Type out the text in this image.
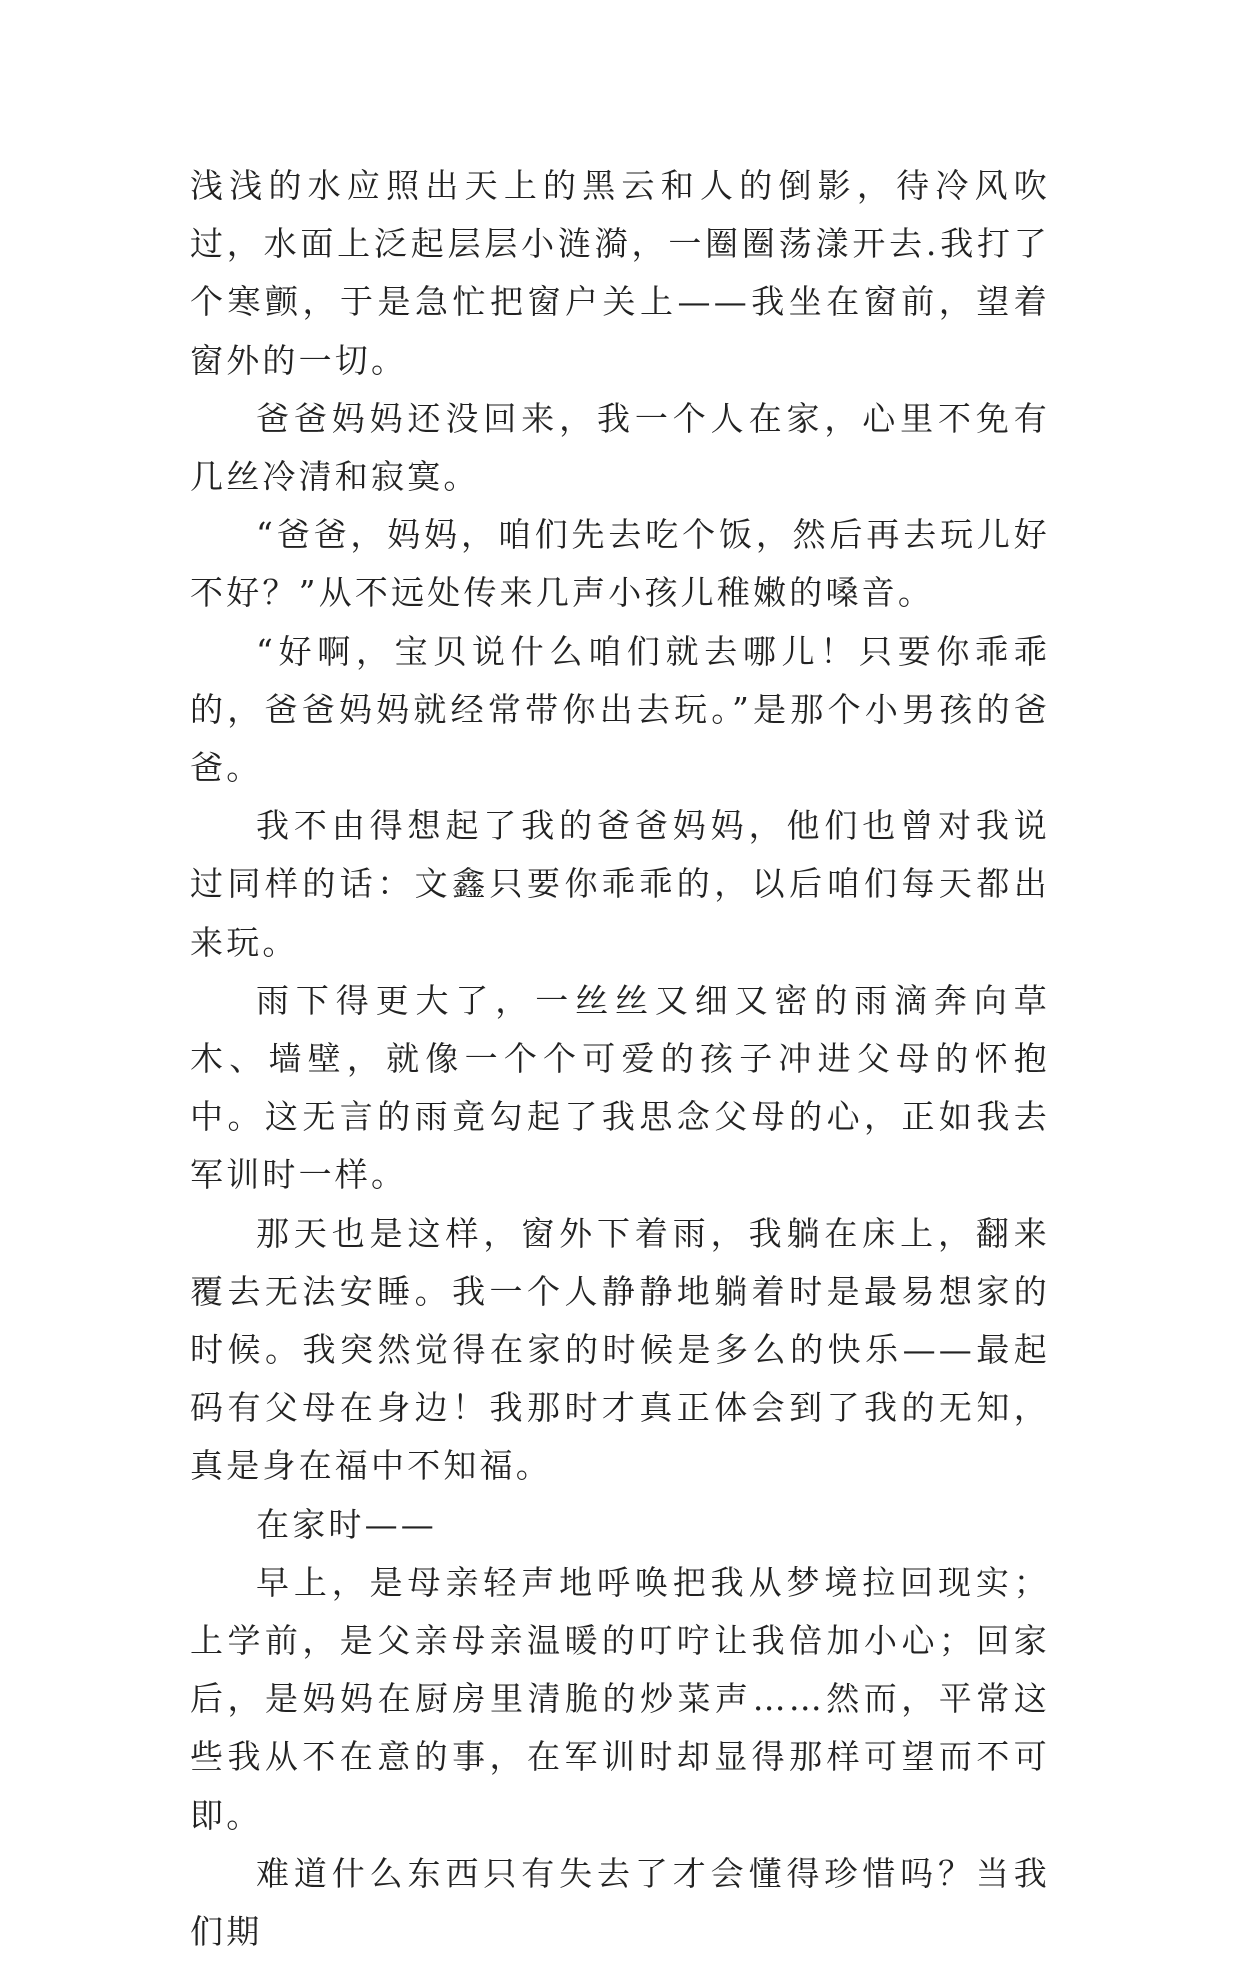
浅浅的水应照出天上的黑云和人的倒影，待冷风吹过，水面上泛起层层小涟漪，一圈圈荡漾开去.我打了个寒颤，于是急忙把窗户关上——我坐在窗前，望着窗外的一切。

爸爸妈妈还没回来，我一个人在家，心里不免有几丝冷清和寂寞。

“爸爸，妈妈，咱们先去吃个饭，然后再去玩儿好不好？”从不远处传来几声小孩儿稚嫩的嗓音。

“好啊，宝贝说什么咱们就去哪儿！只要你乖乖的，爸爸妈妈就经常带你出去玩。”是那个小男孩的爸爸。

我不由得想起了我的爸爸妈妈，他们也曾对我说过同样的话：文鑫只要你乖乖的，以后咱们每天都出来玩。

雨下得更大了，一丝丝又细又密的雨滴奔向草木、墙壁，就像一个个可爱的孩子冲进父母的怀抱中。这无言的雨竟勾起了我思念父母的心，正如我去军训时一样。

那天也是这样，窗外下着雨，我躺在床上，翻来覆去无法安睡。我一个人静静地躺着时是最易想家的时候。我突然觉得在家的时候是多么的快乐——最起码有父母在身边！我那时才真正体会到了我的无知，真是身在福中不知福。

在家时——

早上，是母亲轻声地呼唤把我从梦境拉回现实；上学前，是父亲母亲温暖的叮咛让我倍加小心；回家后，是妈妈在厨房里清脆的炒菜声……然而，平常这些我从不在意的事，在军训时却显得那样可望而不可即。

难道什么东西只有失去了才会懂得珍惜吗？当我们期
